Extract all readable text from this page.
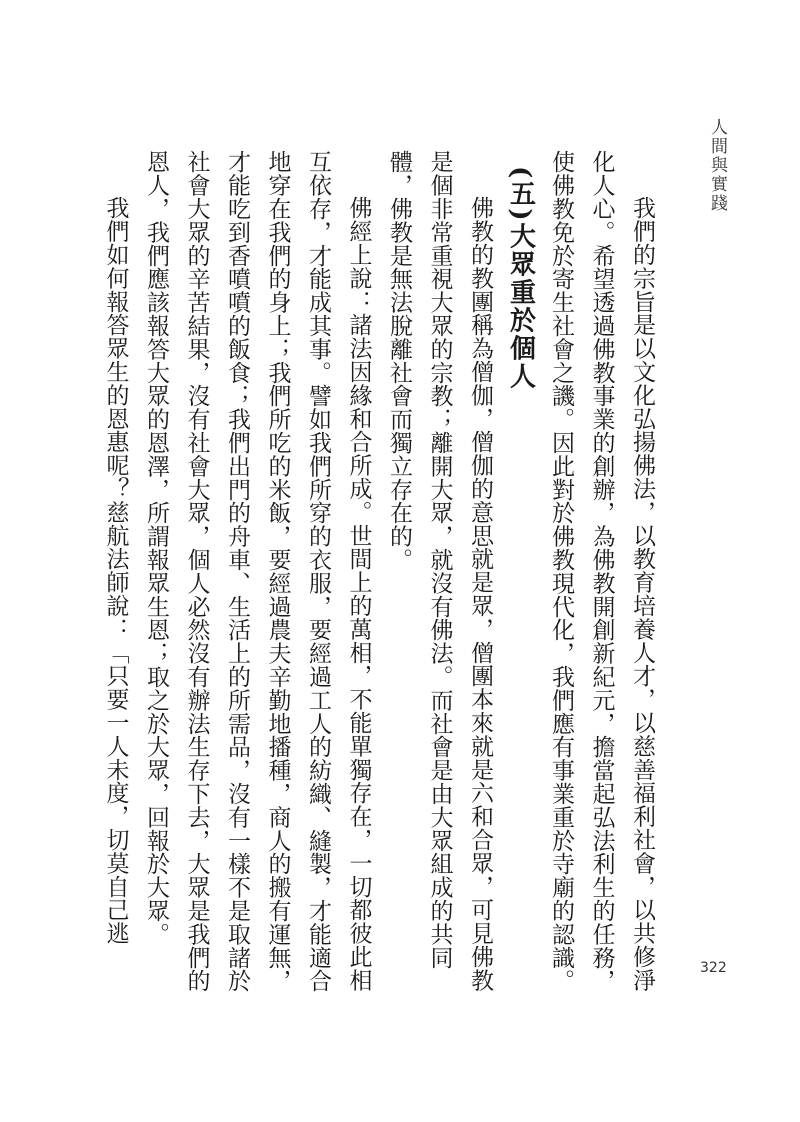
人間與實踐
322

我們的宗旨是以文化弘揚佛法，以教育培養人才，以慈善福利社會，以共修淨化人心。希望透過佛教事業的創辦，為佛教開創新紀元，擔當起弘法利生的任務，使佛教免於寄生社會之譏。因此對於佛教現代化，我們應有事業重於寺廟的認識。

(五)大眾重於個人

佛教的教團稱為僧伽，僧伽的意思就是眾，僧團本來就是六和合眾，可見佛教是個非常重視大眾的宗教；離開大眾，就沒有佛法。而社會是由大眾組成的共同體，佛教是無法脫離社會而獨立存在的。

佛經上說：諸法因緣和合所成。世間上的萬相，不能單獨存在，一切都彼此相互依存，才能成其事。譬如我們所穿的衣服，要經過工人的紡織、縫製，才能適合地穿在我們的身上；我們所吃的米飯，要經過農夫辛勤地播種，商人的搬有運無，才能吃到香噴噴的飯食；我們出門的舟車、生活上的所需品，沒有一樣不是取諸於社會大眾的辛苦結果，沒有社會大眾，個人必然沒有辦法生存下去，大眾是我們的恩人，我們應該報答大眾的恩澤，所謂報眾生恩；取之於大眾，回報於大眾。

我們如何報答眾生的恩惠呢？慈航法師說：「只要一人未度，切莫自己逃
